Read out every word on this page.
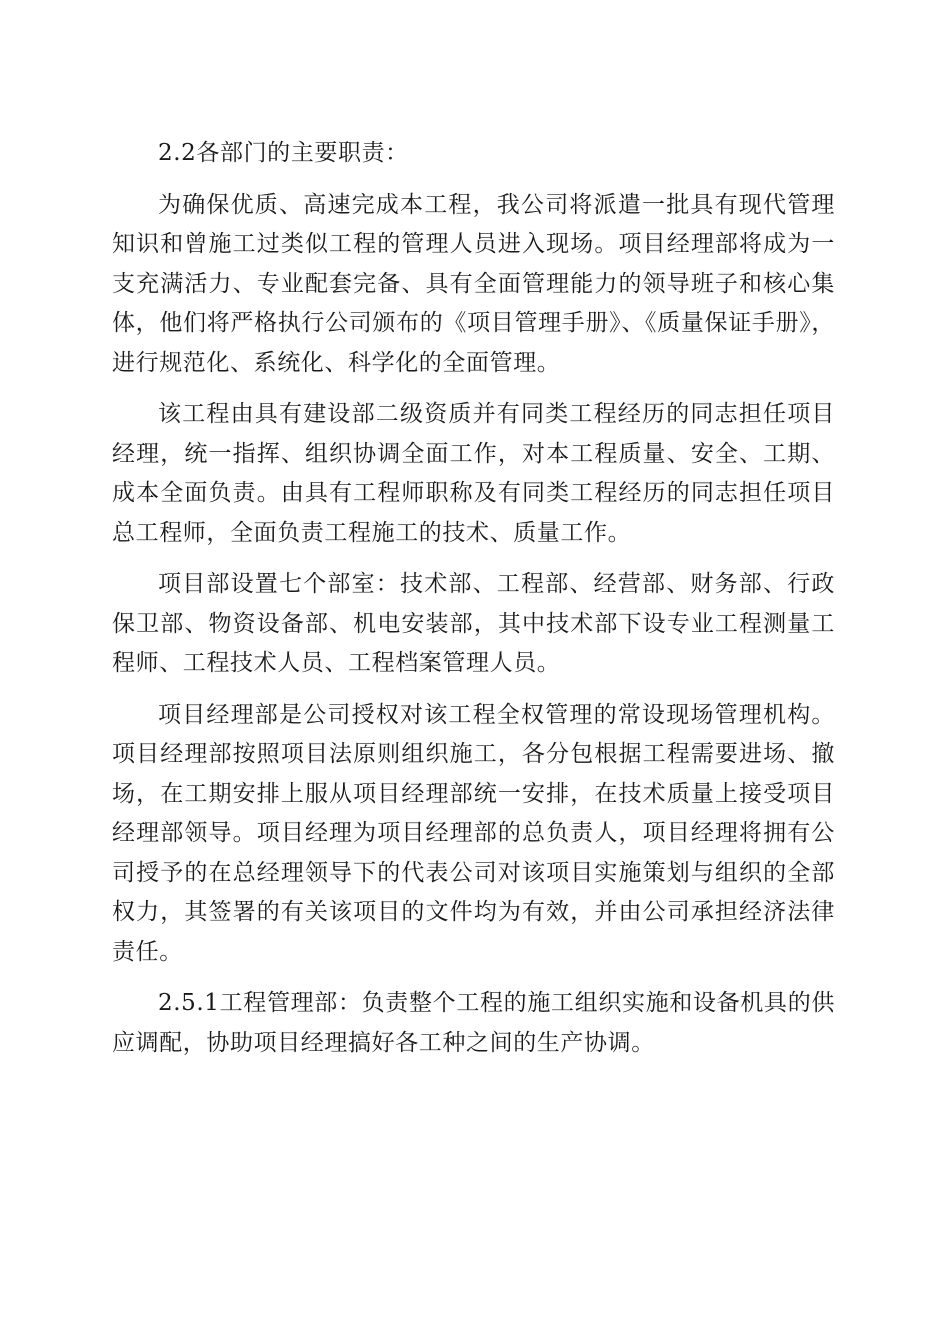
2.2各部门的主要职责：

为确保优质、高速完成本工程，我公司将派遣一批具有现代管理知识和曾施工过类似工程的管理人员进入现场。项目经理部将成为一支充满活力、专业配套完备、具有全面管理能力的领导班子和核心集体，他们将严格执行公司颁布的《项目管理手册》、《质量保证手册》，进行规范化、系统化、科学化的全面管理。

该工程由具有建设部二级资质并有同类工程经历的同志担任项目经理，统一指挥、组织协调全面工作，对本工程质量、安全、工期、成本全面负责。由具有工程师职称及有同类工程经历的同志担任项目总工程师，全面负责工程施工的技术、质量工作。

项目部设置七个部室：技术部、工程部、经营部、财务部、行政保卫部、物资设备部、机电安装部，其中技术部下设专业工程测量工程师、工程技术人员、工程档案管理人员。

项目经理部是公司授权对该工程全权管理的常设现场管理机构。项目经理部按照项目法原则组织施工，各分包根据工程需要进场、撤场，在工期安排上服从项目经理部统一安排，在技术质量上接受项目经理部领导。项目经理为项目经理部的总负责人，项目经理将拥有公司授予的在总经理领导下的代表公司对该项目实施策划与组织的全部权力，其签署的有关该项目的文件均为有效，并由公司承担经济法律责任。

2.5.1工程管理部：负责整个工程的施工组织实施和设备机具的供应调配，协助项目经理搞好各工种之间的生产协调。
